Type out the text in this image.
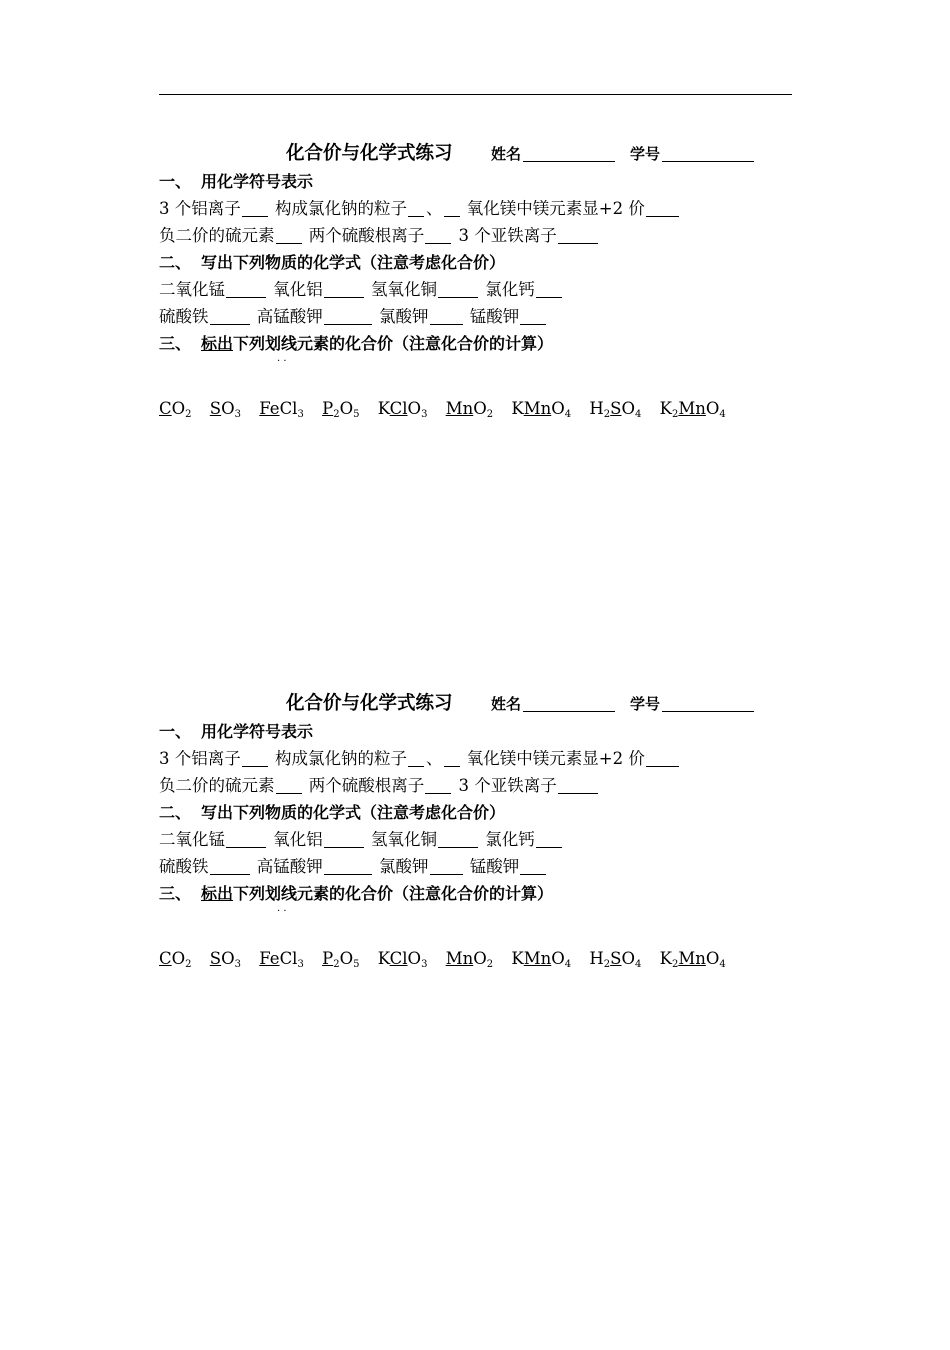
化合价与化学式练习	姓名	学号
一、 用化学符号表示
3 个铝离子 构成氯化钠的粒子 、 氧化镁中镁元素显+2 价
负二价的硫元素 两个硫酸根离子 3 个亚铁离子
二、 写出下列物质的化学式（注意考虑化合价）
二氧化锰	氧化铝	氢氧化铜	氯化钙
硫酸铁	高锰酸钾	氯酸钾	锰酸钾
三、 标出下列划线元素的化合价（注意化合价的计算）
· ·
$CO_2$ $SO_3$ FeCl$_3$ $P_2O_5$ KClO$_3$ MnO$_2$ KMnO$_4$ $H_2SO_4$ $K_2MnO_4$
化合价与化学式练习	姓名	学号
一、 用化学符号表示
3 个铝离子 构成氯化钠的粒子 、 氧化镁中镁元素显+2 价
负二价的硫元素 两个硫酸根离子 3 个亚铁离子
二、 写出下列物质的化学式（注意考虑化合价）
二氧化锰	氧化铝	氢氧化铜	氯化钙
硫酸铁	高锰酸钾	氯酸钾	锰酸钾
三、 标出下列划线元素的化合价（注意化合价的计算）
· ·
$CO_2$ $SO_3$ FeCl$_3$ $P_2O_5$ KClO$_3$ MnO$_2$ KMnO$_4$ $H_2SO_4$ $K_2MnO_4$
